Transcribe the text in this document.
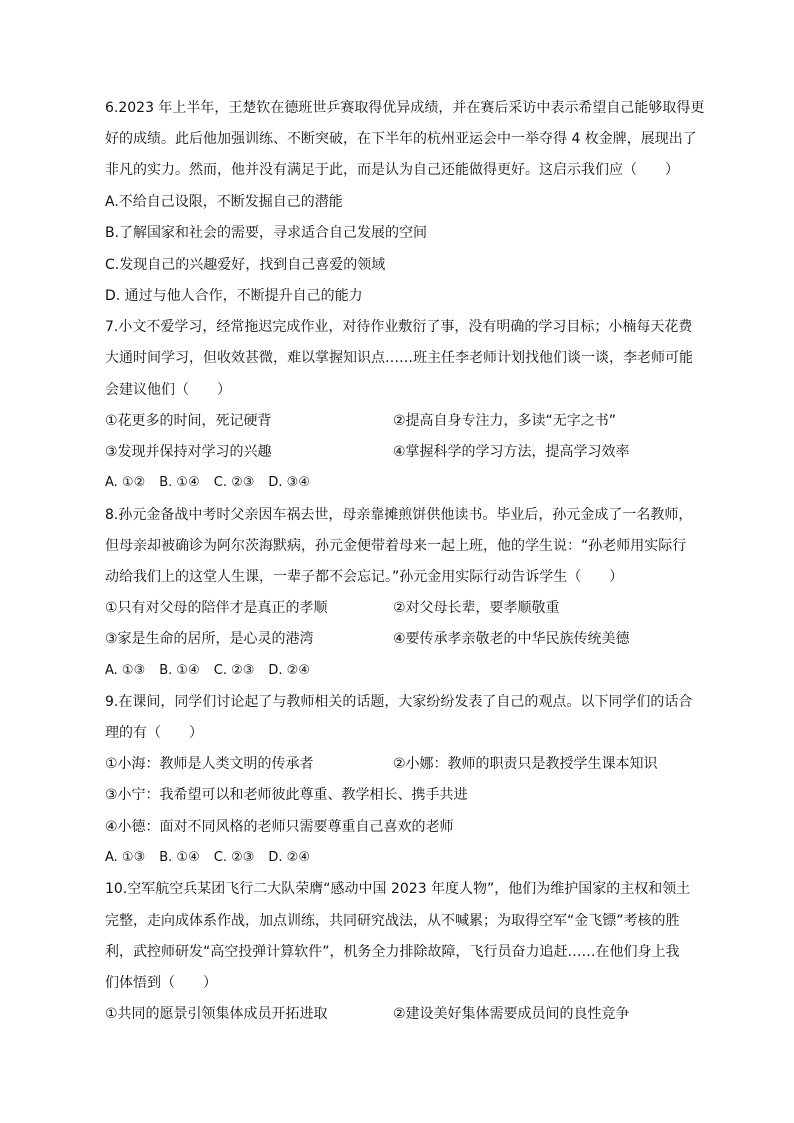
6.2023 年上半年，王楚钦在德班世乒赛取得优异成绩，并在赛后采访中表示希望自己能够取得更
好的成绩。此后他加强训练、不断突破，在下半年的杭州亚运会中一举夺得 4 枚金牌，展现出了
非凡的实力。然而，他并没有满足于此，而是认为自己还能做得更好。这启示我们应（　　）
A.不给自己设限，不断发掘自己的潜能
B.了解国家和社会的需要，寻求适合自己发展的空间
C.发现自己的兴趣爱好，找到自己喜爱的领域
D. 通过与他人合作，不断提升自己的能力
7.小文不爱学习，经常拖迟完成作业，对待作业敷衍了事，没有明确的学习目标；小楠每天花费
大通时间学习，但收效甚微，难以掌握知识点……班主任李老师计划找他们谈一谈，李老师可能
会建议他们（　　）
①花更多的时间，死记硬背	②提高自身专注力，多读“无字之书”
③发现并保持对学习的兴趣	④掌握科学的学习方法，提高学习效率
A. ①② B. ①④ C. ②③ D. ③④
8.孙元金备战中考时父亲因车祸去世，母亲靠摊煎饼供他读书。毕业后，孙元金成了一名教师，
但母亲却被确诊为阿尔茨海默病，孙元金便带着母来一起上班，他的学生说：“孙老师用实际行
动给我们上的这堂人生课，一辈子都不会忘记。”孙元金用实际行动告诉学生（　　）
①只有对父母的陪伴才是真正的孝顺	②对父母长辈，要孝顺敬重
③家是生命的居所，是心灵的港湾	④要传承孝亲敬老的中华民族传统美德
A. ①③ B. ①④ C. ②③ D. ②④
9.在课间，同学们讨论起了与教师相关的话题，大家纷纷发表了自己的观点。以下同学们的话合
理的有（　　）
①小海：教师是人类文明的传承者	②小娜：教师的职责只是教授学生课本知识
③小宁：我希望可以和老师彼此尊重、教学相长、携手共进
④小德：面对不同风格的老师只需要尊重自己喜欢的老师
A. ①③ B. ①④ C. ②③ D. ②④
10.空军航空兵某团飞行二大队荣膺“感动中国 2023 年度人物”，他们为维护国家的主权和领土
完整，走向成体系作战，加点训练，共同研究战法，从不喊累；为取得空军“金飞镖”考核的胜
利，武控师研发“高空投弹计算软件”，机务全力排除故障，飞行员奋力追赶……在他们身上我
们体悟到（　　）
①共同的愿景引领集体成员开拓进取	②建设美好集体需要成员间的良性竞争
